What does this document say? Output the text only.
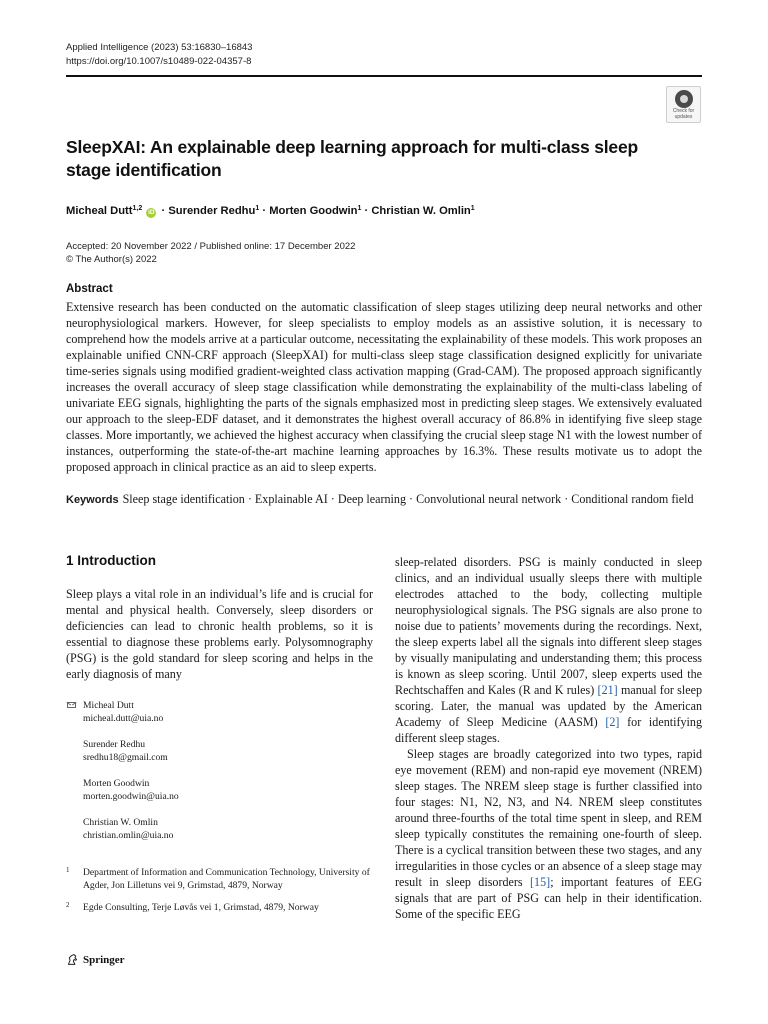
Applied Intelligence (2023) 53:16830–16843
https://doi.org/10.1007/s10489-022-04357-8
Check for
updates
SleepXAI: An explainable deep learning approach for multi-class sleep stage identification
Micheal Dutt$^{1,2}$ iD · Surender Redhu$^1$ · Morten Goodwin$^1$ · Christian W. Omlin$^1$
Accepted: 20 November 2022 / Published online: 17 December 2022
© The Author(s) 2022
Abstract
Extensive research has been conducted on the automatic classification of sleep stages utilizing deep neural networks and other neurophysiological markers. However, for sleep specialists to employ models as an assistive solution, it is necessary to comprehend how the models arrive at a particular outcome, necessitating the explainability of these models. This work proposes an explainable unified CNN-CRF approach (SleepXAI) for multi-class sleep stage classification designed explicitly for univariate time-series signals using modified gradient-weighted class activation mapping (Grad-CAM). The proposed approach significantly increases the overall accuracy of sleep stage classification while demonstrating the explainability of the multi-class labeling of univariate EEG signals, highlighting the parts of the signals emphasized most in predicting sleep stages. We extensively evaluated our approach to the sleep-EDF dataset, and it demonstrates the highest overall accuracy of 86.8% in identifying five sleep stage classes. More importantly, we achieved the highest accuracy when classifying the crucial sleep stage N1 with the lowest number of instances, outperforming the state-of-the-art machine learning approaches by 16.3%. These results motivate us to adopt the proposed approach in clinical practice as an aid to sleep experts.
Keywords Sleep stage identification · Explainable AI · Deep learning · Convolutional neural network · Conditional random field
1 Introduction
Sleep plays a vital role in an individual’s life and is crucial for mental and physical health. Conversely, sleep disorders or deficiencies can lead to chronic health problems, so it is essential to diagnose these problems early. Polysomnography (PSG) is the gold standard for sleep scoring and helps in the early diagnosis of many

sleep-related disorders. PSG is mainly conducted in sleep clinics, and an individual usually sleeps there with multiple electrodes attached to the body, collecting multiple neurophysiological signals. The PSG signals are also prone to noise due to patients’ movements during the recordings. Next, the sleep experts label all the signals into different sleep stages by visually manipulating and understanding them; this process is known as sleep scoring. Until 2007, sleep experts used the Rechtschaffen and Kales (R and K rules) [21] manual for sleep scoring. Later, the manual was updated by the American Academy of Sleep Medicine (AASM) [2] for identifying different sleep stages.

Sleep stages are broadly categorized into two types, rapid eye movement (REM) and non-rapid eye movement (NREM) sleep stages. The NREM sleep stage is further classified into four stages: N1, N2, N3, and N4. NREM sleep constitutes around three-fourths of the total time spent in sleep, and REM sleep typically constitutes the remaining one-fourth of sleep. There is a cyclical transition between these two stages, and any irregularities in those cycles or an absence of a sleep stage may result in sleep disorders [15]; important features of EEG signals that are part of PSG can help in their identification. Some of the specific EEG

Micheal Dutt
micheal.dutt@uia.no
Surender Redhu
sredhu18@gmail.com
Morten Goodwin
morten.goodwin@uia.no
Christian W. Omlin
christian.omlin@uia.no
1 Department of Information and Communication Technology, University of Agder, Jon Lilletuns vei 9, Grimstad, 4879, Norway
2 Egde Consulting, Terje Løvås vei 1, Grimstad, 4879, Norway
Springer
